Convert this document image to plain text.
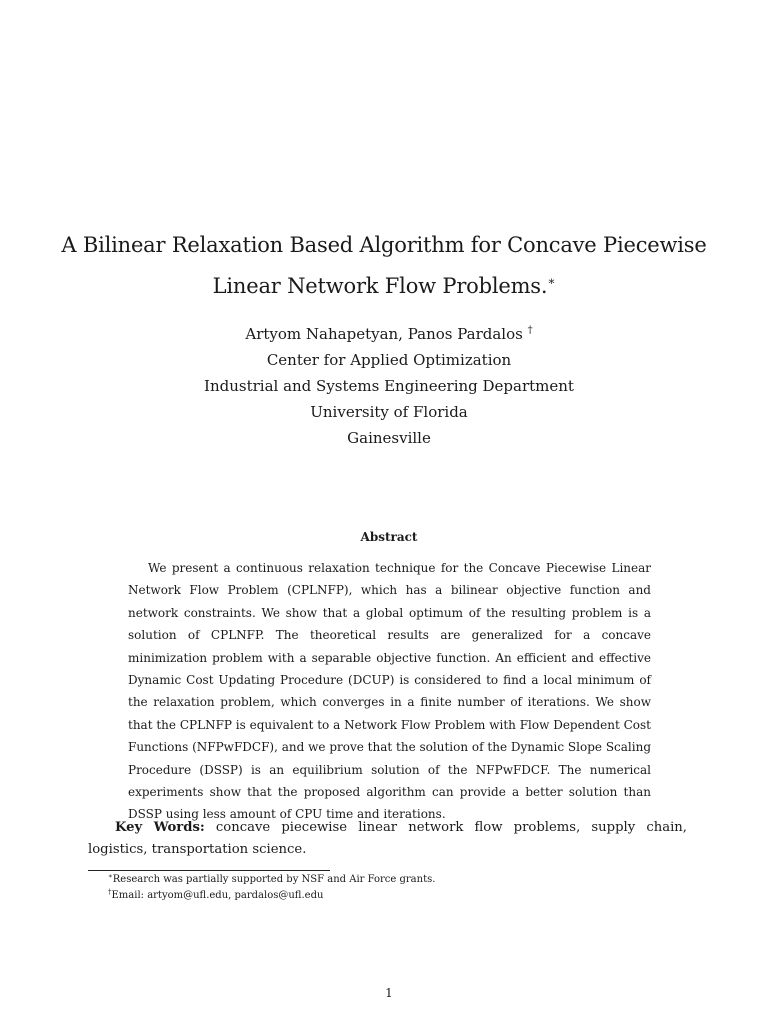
A Bilinear Relaxation Based Algorithm for Concave Piecewise
Linear Network Flow Problems.∗
Artyom Nahapetyan, Panos Pardalos †
Center for Applied Optimization
Industrial and Systems Engineering Department
University of Florida
Gainesville
Abstract
We present a continuous relaxation technique for the Concave Piecewise Linear Network Flow Problem (CPLNFP), which has a bilinear objective function and network constraints. We show that a global optimum of the resulting problem is a solution of CPLNFP. The theoretical results are generalized for a concave minimization problem with a separable objective function. An efficient and effective Dynamic Cost Updating Procedure (DCUP) is considered to find a local minimum of the relaxation problem, which converges in a finite number of iterations. We show that the CPLNFP is equivalent to a Network Flow Problem with Flow Dependent Cost Functions (NFPwFDCF), and we prove that the solution of the Dynamic Slope Scaling Procedure (DSSP) is an equilibrium solution of the NFPwFDCF. The numerical experiments show that the proposed algorithm can provide a better solution than DSSP using less amount of CPU time and iterations.
Key Words: concave piecewise linear network flow problems, supply chain, logistics, transportation science.
∗Research was partially supported by NSF and Air Force grants.
†Email: artyom@ufl.edu, pardalos@ufl.edu
1
